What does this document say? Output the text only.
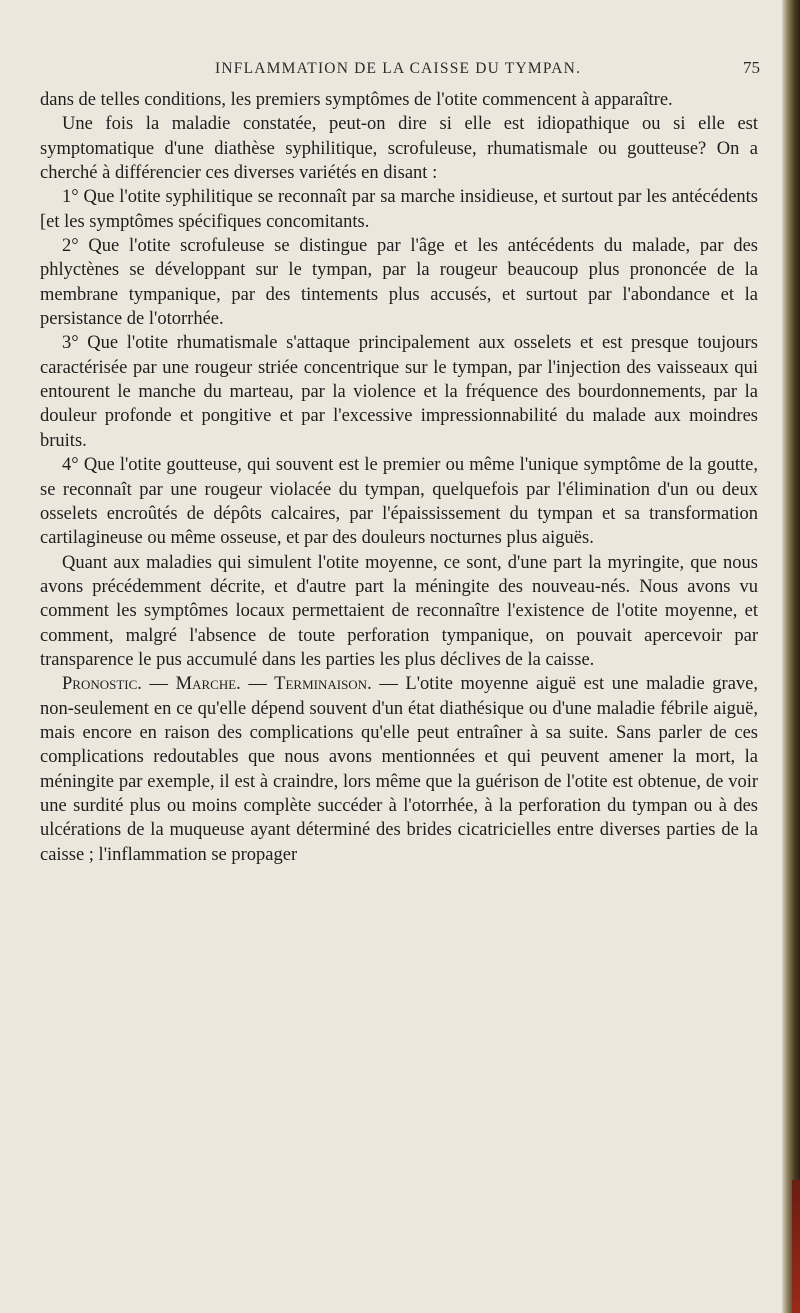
INFLAMMATION DE LA CAISSE DU TYMPAN.	75

dans de telles conditions, les premiers symptômes de l'otite commencent à apparaître.

Une fois la maladie constatée, peut-on dire si elle est idiopathique ou si elle est symptomatique d'une diathèse syphilitique, scrofuleuse, rhumatismale ou goutteuse? On a cherché à différencier ces diverses variétés en disant :

1° Que l'otite syphilitique se reconnaît par sa marche insidieuse, et surtout par les antécédents [et les symptômes spécifiques concomitants.

2° Que l'otite scrofuleuse se distingue par l'âge et les antécédents du malade, par des phlyctènes se développant sur le tympan, par la rougeur beaucoup plus prononcée de la membrane tympanique, par des tintements plus accusés, et surtout par l'abondance et la persistance de l'otorrhée.

3° Que l'otite rhumatismale s'attaque principalement aux osselets et est presque toujours caractérisée par une rougeur striée concentrique sur le tympan, par l'injection des vaisseaux qui entourent le manche du marteau, par la violence et la fréquence des bourdonnements, par la douleur profonde et pongitive et par l'excessive impressionnabilité du malade aux moindres bruits.

4° Que l'otite goutteuse, qui souvent est le premier ou même l'unique symptôme de la goutte, se reconnaît par une rougeur violacée du tympan, quelquefois par l'élimination d'un ou deux osselets encroûtés de dépôts calcaires, par l'épaississement du tympan et sa transformation cartilagineuse ou même osseuse, et par des douleurs nocturnes plus aiguës.

Quant aux maladies qui simulent l'otite moyenne, ce sont, d'une part la myringite, que nous avons précédemment décrite, et d'autre part la méningite des nouveau-nés. Nous avons vu comment les symptômes locaux permettaient de reconnaître l'existence de l'otite moyenne, et comment, malgré l'absence de toute perforation tympanique, on pouvait apercevoir par transparence le pus accumulé dans les parties les plus déclives de la caisse.

Pronostic. — Marche. — Terminaison. — L'otite moyenne aiguë est une maladie grave, non-seulement en ce qu'elle dépend souvent d'un état diathésique ou d'une maladie fébrile aiguë, mais encore en raison des complications qu'elle peut entraîner à sa suite. Sans parler de ces complications redoutables que nous avons mentionnées et qui peuvent amener la mort, la méningite par exemple, il est à craindre, lors même que la guérison de l'otite est obtenue, de voir une surdité plus ou moins complète succéder à l'otorrhée, à la perforation du tympan ou à des ulcérations de la muqueuse ayant déterminé des brides cicatricielles entre diverses parties de la caisse ; l'inflammation se propager
